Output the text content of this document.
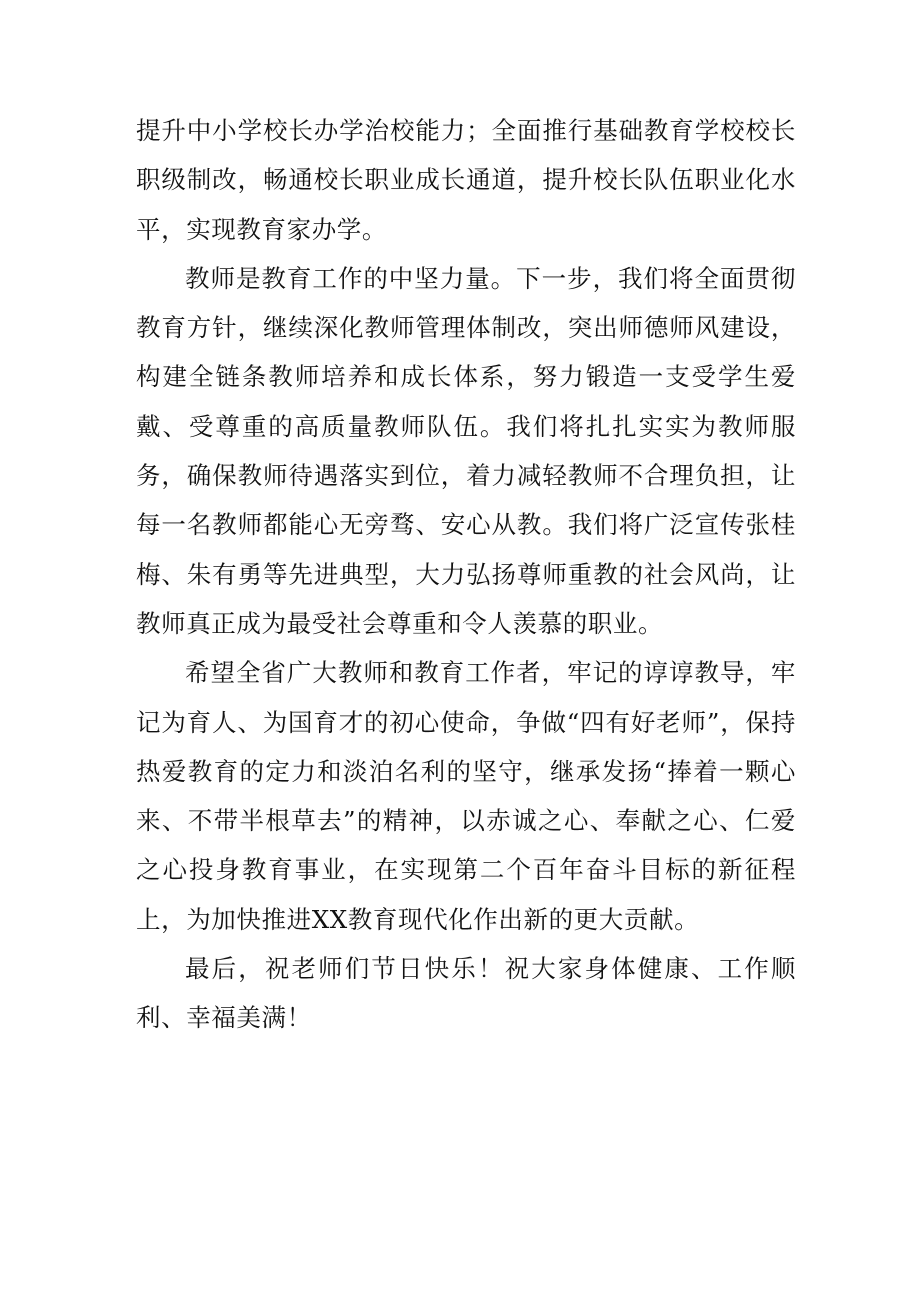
提升中小学校长办学治校能力；全面推行基础教育学校校长职级制改，畅通校长职业成长通道，提升校长队伍职业化水平，实现教育家办学。

教师是教育工作的中坚力量。下一步，我们将全面贯彻教育方针，继续深化教师管理体制改，突出师德师风建设，构建全链条教师培养和成长体系，努力锻造一支受学生爱戴、受尊重的高质量教师队伍。我们将扎扎实实为教师服务，确保教师待遇落实到位，着力减轻教师不合理负担，让每一名教师都能心无旁骛、安心从教。我们将广泛宣传张桂梅、朱有勇等先进典型，大力弘扬尊师重教的社会风尚，让教师真正成为最受社会尊重和令人羡慕的职业。

希望全省广大教师和教育工作者，牢记的谆谆教导，牢记为育人、为国育才的初心使命，争做“四有好老师”，保持热爱教育的定力和淡泊名利的坚守，继承发扬“捧着一颗心来、不带半根草去”的精神，以赤诚之心、奉献之心、仁爱之心投身教育事业，在实现第二个百年奋斗目标的新征程上，为加快推进XX教育现代化作出新的更大贡献。

最后，祝老师们节日快乐！祝大家身体健康、工作顺利、幸福美满！
